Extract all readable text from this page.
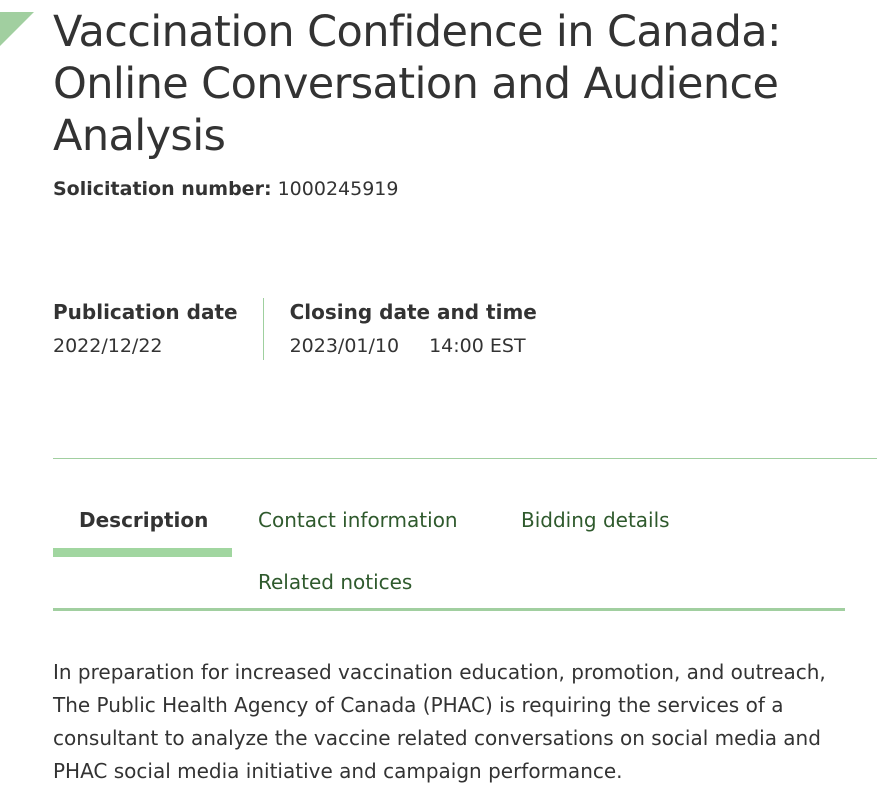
Vaccination Confidence in Canada: Online Conversation and Audience Analysis
Solicitation number: 1000245919
Publication date
2022/12/22
Closing date and time
2023/01/10 14:00 EST
Description Contact information	Bidding details
Related notices

In preparation for increased vaccination education, promotion, and outreach, The Public Health Agency of Canada (PHAC) is requiring the services of a consultant to analyze the vaccine related conversations on social media and PHAC social media initiative and campaign performance.
